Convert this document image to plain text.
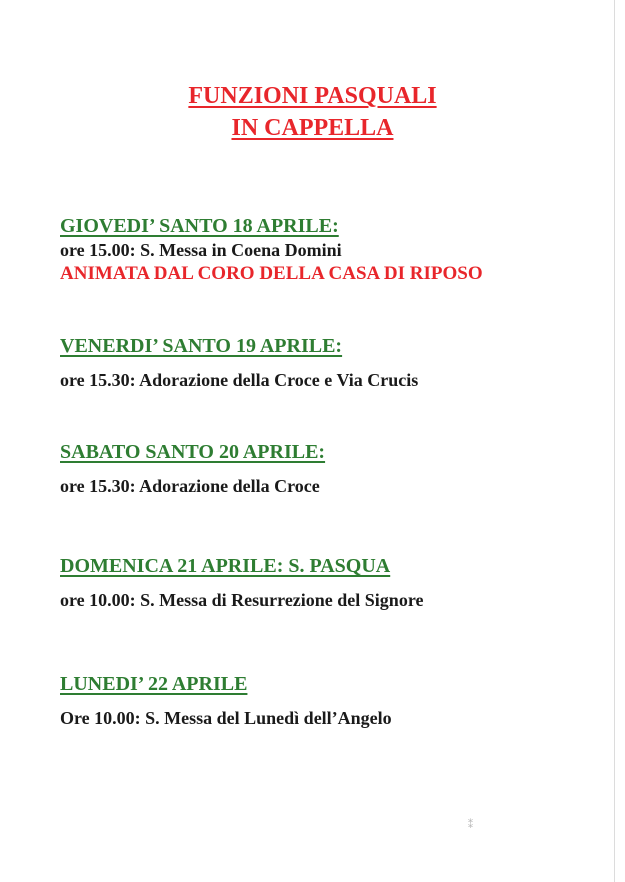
FUNZIONI PASQUALI
IN CAPPELLA
GIOVEDI’ SANTO 18 APRILE:
ore 15.00: S. Messa in Coena Domini
ANIMATA DAL CORO DELLA CASA DI RIPOSO
VENERDI’ SANTO 19 APRILE:
ore 15.30: Adorazione della Croce e Via Crucis
SABATO SANTO 20 APRILE:
ore 15.30: Adorazione della Croce
DOMENICA 21 APRILE: S. PASQUA
ore 10.00: S. Messa di Resurrezione del Signore
LUNEDI’ 22 APRILE
Ore 10.00: S. Messa del Lunedì dell’Angelo
⁑
